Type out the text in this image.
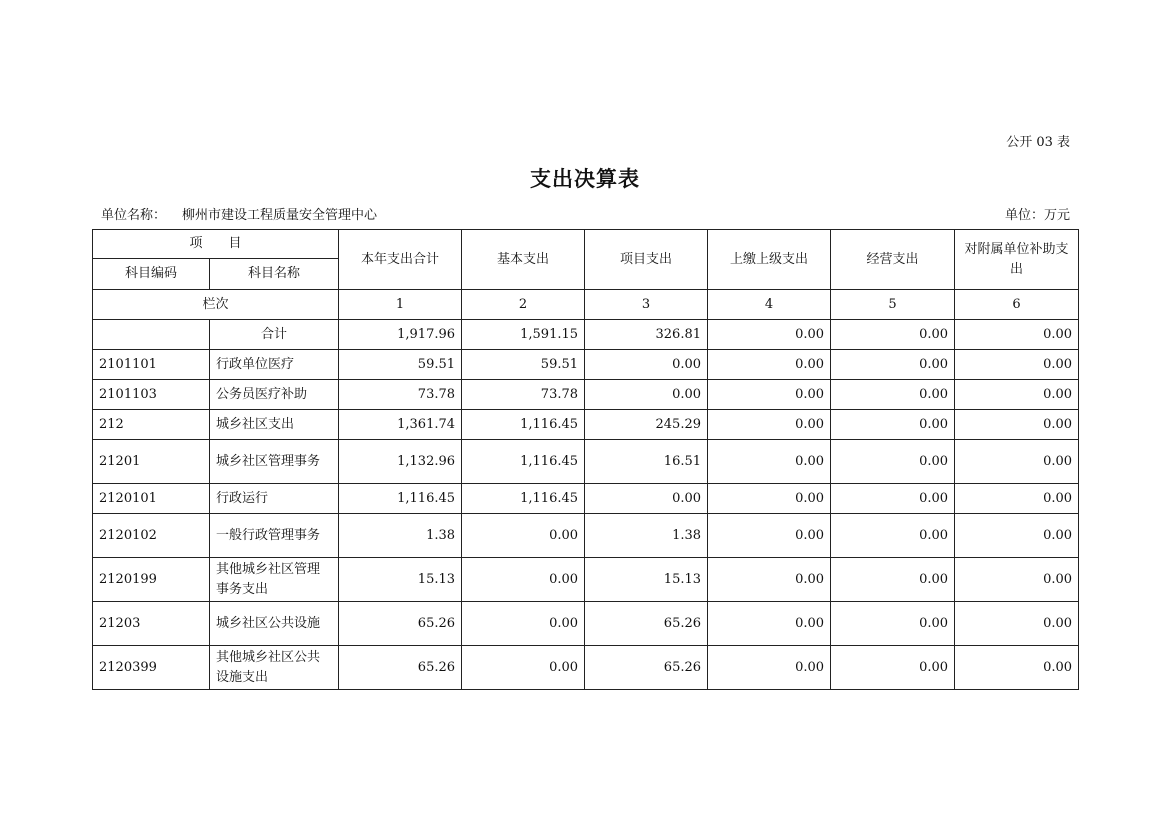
公开 03 表
支出决算表
单位名称： 柳州市建设工程质量安全管理中心	单位：万元
项　　目		本年支出合计	基本支出	项目支出	上缴上级支出	经营支出	对附属单位补助支出
科目编码	科目名称						
栏次		1	2	3	4	5	6
	合计	1,917.96	1,591.15	326.81	0.00	0.00	0.00
2101101	行政单位医疗	59.51	59.51	0.00	0.00	0.00	0.00
2101103	公务员医疗补助	73.78	73.78	0.00	0.00	0.00	0.00
212	城乡社区支出	1,361.74	1,116.45	245.29	0.00	0.00	0.00
21201	城乡社区管理事务	1,132.96	1,116.45	16.51	0.00	0.00	0.00
2120101	行政运行	1,116.45	1,116.45	0.00	0.00	0.00	0.00
2120102	一般行政管理事务	1.38	0.00	1.38	0.00	0.00	0.00
2120199	其他城乡社区管理事务支出	15.13	0.00	15.13	0.00	0.00	0.00
21203	城乡社区公共设施	65.26	0.00	65.26	0.00	0.00	0.00
2120399	其他城乡社区公共设施支出	65.26	0.00	65.26	0.00	0.00	0.00
